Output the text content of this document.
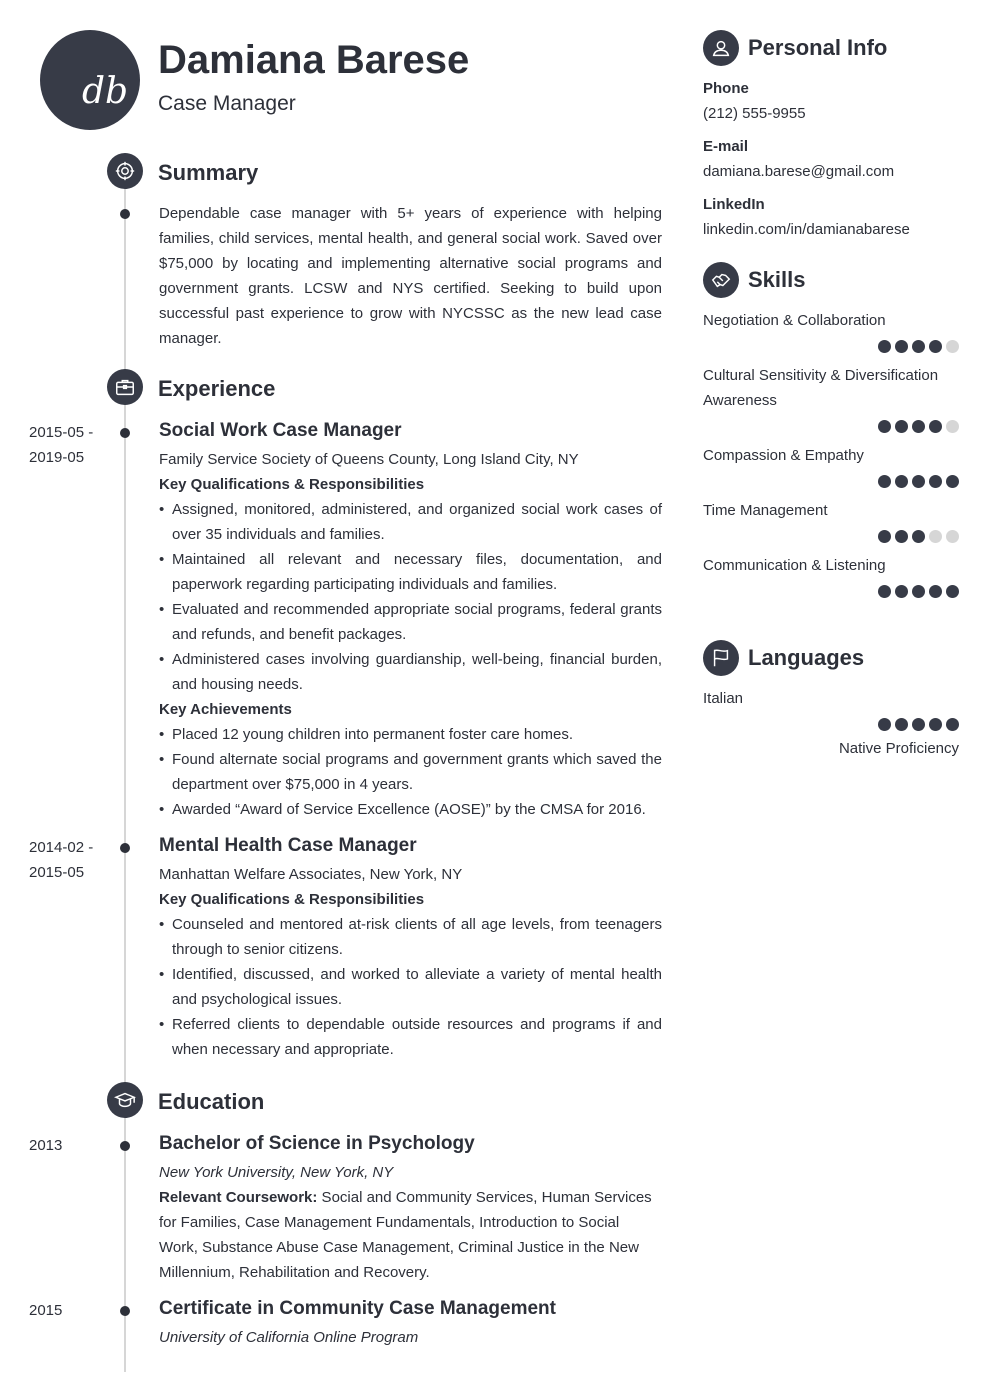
db
Damiana Barese
Case Manager
Summary
Dependable case manager with 5+ years of experience with helping families, child services, mental health, and general social work. Saved over $75,000 by locating and implementing alternative social programs and government grants. LCSW and NYS certified. Seeking to build upon successful past experience to grow with NYCSSC as the new lead case manager.
Experience
2015-05 -
2019-05
Social Work Case Manager
Family Service Society of Queens County, Long Island City, NY
Key Qualifications & Responsibilities
• Assigned, monitored, administered, and organized social work cases of over 35 individuals and families.
• Maintained all relevant and necessary files, documentation, and paperwork regarding participating individuals and families.
• Evaluated and recommended appropriate social programs, federal grants and refunds, and benefit packages.
• Administered cases involving guardianship, well-being, financial burden, and housing needs.
Key Achievements
• Placed 12 young children into permanent foster care homes.
• Found alternate social programs and government grants which saved the department over $75,000 in 4 years.
• Awarded “Award of Service Excellence (AOSE)” by the CMSA for 2016.
2014-02 -
2015-05
Mental Health Case Manager
Manhattan Welfare Associates, New York, NY
Key Qualifications & Responsibilities
• Counseled and mentored at-risk clients of all age levels, from teenagers through to senior citizens.
• Identified, discussed, and worked to alleviate a variety of mental health and psychological issues.
• Referred clients to dependable outside resources and programs if and when necessary and appropriate.
Education
2013	Bachelor of Science in Psychology
New York University, New York, NY
Relevant Coursework: Social and Community Services, Human Services for Families, Case Management Fundamentals, Introduction to Social Work, Substance Abuse Case Management, Criminal Justice in the New Millennium, Rehabilitation and Recovery.
2015	Certificate in Community Case Management
University of California Online Program
Personal Info
Phone
(212) 555-9955
E-mail
damiana.barese@gmail.com
LinkedIn
linkedin.com/in/damianabarese
Skills
Negotiation & Collaboration
Cultural Sensitivity & Diversification Awareness
Compassion & Empathy
Time Management
Communication & Listening
Languages
Italian
Native Proficiency
